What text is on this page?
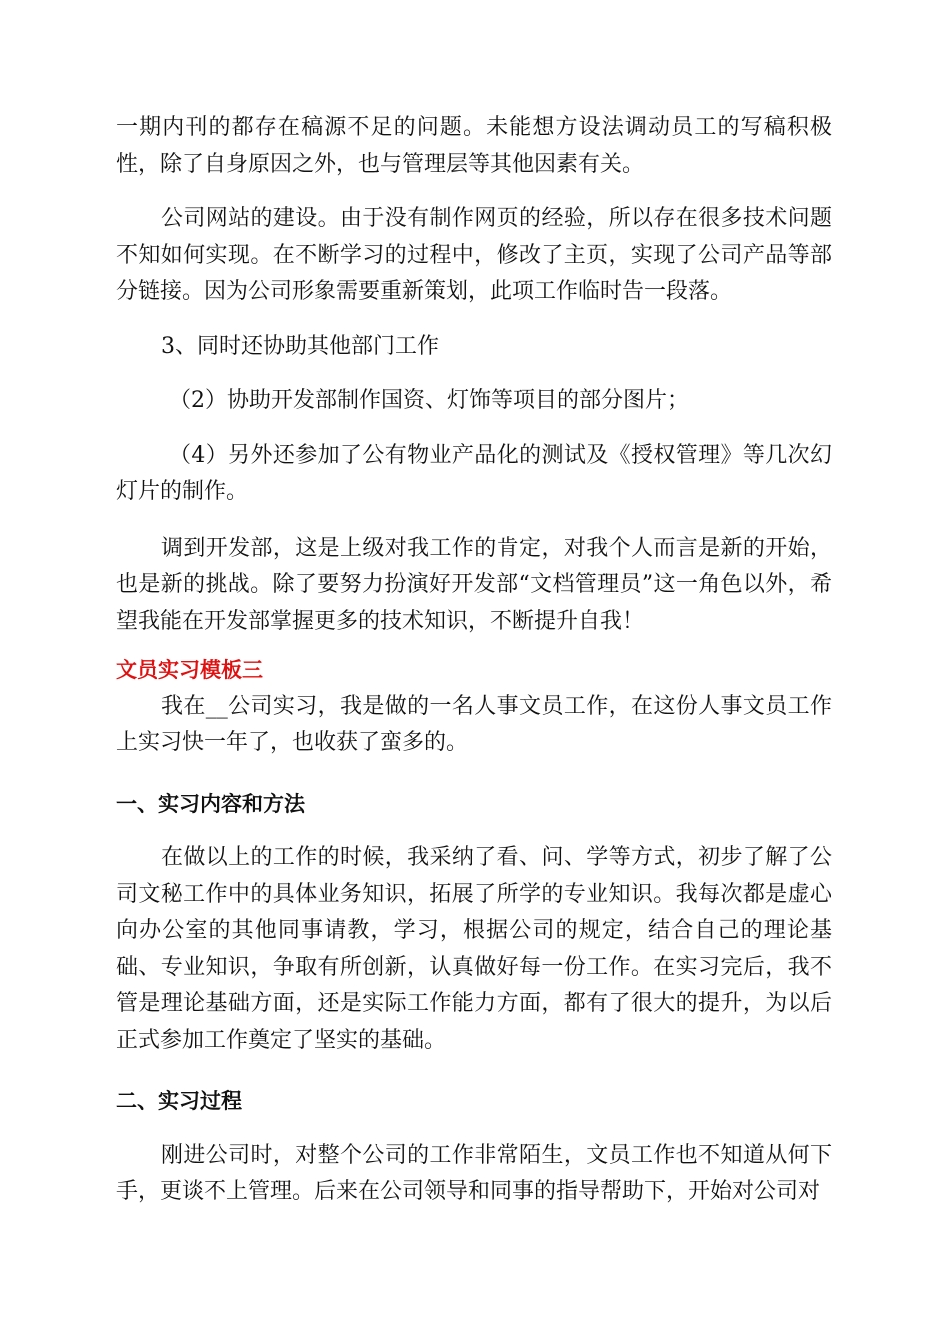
一期内刊的都存在稿源不足的问题。未能想方设法调动员工的写稿积极性，除了自身原因之外，也与管理层等其他因素有关。

公司网站的建设。由于没有制作网页的经验，所以存在很多技术问题不知如何实现。在不断学习的过程中，修改了主页，实现了公司产品等部分链接。因为公司形象需要重新策划，此项工作临时告一段落。

3、同时还协助其他部门工作

（2）协助开发部制作国资、灯饰等项目的部分图片；

（4）另外还参加了公有物业产品化的测试及《授权管理》等几次幻灯片的制作。

调到开发部，这是上级对我工作的肯定，对我个人而言是新的开始，也是新的挑战。除了要努力扮演好开发部“文档管理员”这一角色以外，希望我能在开发部掌握更多的技术知识，不断提升自我！

文员实习模板三

我在__公司实习，我是做的一名人事文员工作，在这份人事文员工作上实习快一年了，也收获了蛮多的。

一、实习内容和方法

在做以上的工作的时候，我采纳了看、问、学等方式，初步了解了公司文秘工作中的具体业务知识，拓展了所学的专业知识。我每次都是虚心向办公室的其他同事请教，学习，根据公司的规定，结合自己的理论基础、专业知识，争取有所创新，认真做好每一份工作。在实习完后，我不管是理论基础方面，还是实际工作能力方面，都有了很大的提升，为以后正式参加工作奠定了坚实的基础。

二、实习过程

刚进公司时，对整个公司的工作非常陌生，文员工作也不知道从何下手，更谈不上管理。后来在公司领导和同事的指导帮助下，开始对公司对
